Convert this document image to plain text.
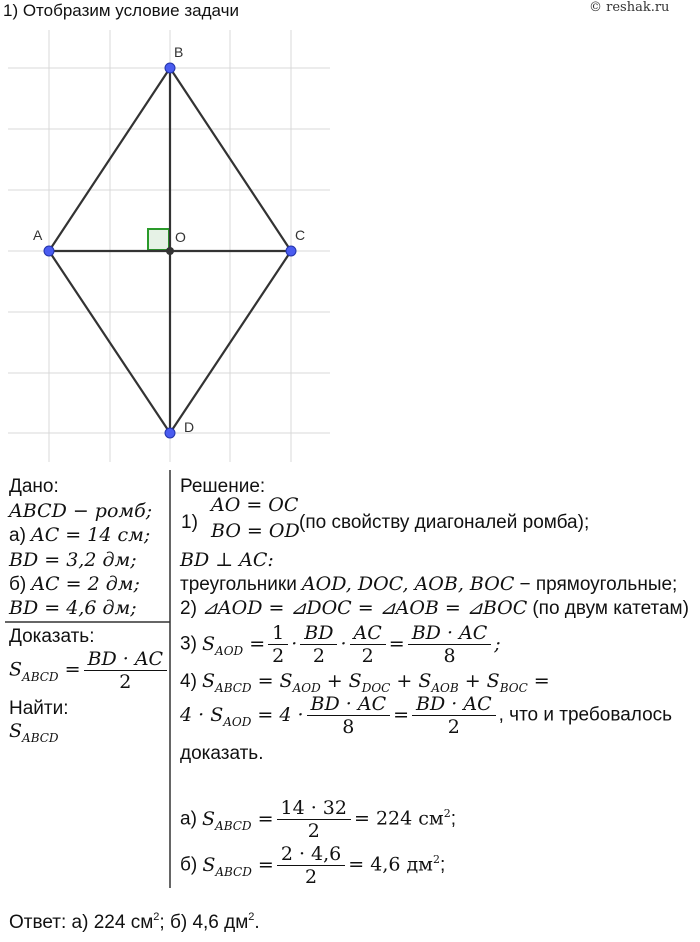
B
C
D
A	O
1) Отобразим условие задачи	© reshak.ru
Дано:
ABCD − ромб;
а) AC = 14 см;
BD = 3,2 дм;
б) AC = 2 дм;
BD = 4,6 дм;
Доказать:
$S_{ABCD} = \frac{BD \cdot AC}{2}$
Найти:
$S_{ABCD}$
Решение:
1)
AO = OC
BO = OD (по свойству диагоналей ромба);
BD ⊥ AC:
треугольники AOD, DOC, AOB, BOC − прямоугольные;
2) ⊿AOD = ⊿DOC = ⊿AOB = ⊿BOC (по двум катетам)
3) $S_{AOD} = \frac{1}{2} \cdot \frac{BD}{2} \cdot \frac{AC}{2} = \frac{BD \cdot AC}{8}$ ;
4) $S_{ABCD} = S_{AOD} + S_{DOC} + S_{AOB} + S_{BOC}$ =
$4 \cdot S_{AOD} = 4 \cdot \frac{BD \cdot AC}{8} = \frac{BD \cdot AC}{2}$ , что и требовалось
доказать.
а) $S_{ABCD} = \frac{14 \cdot 32}{2} = 224$ $см^2$;
б) $S_{ABCD} = \frac{2 \cdot 4,6}{2} = 4,6$ $дм^2$;
Ответ: а) 224 $см^2$; б) 4,6 $дм^2$.
